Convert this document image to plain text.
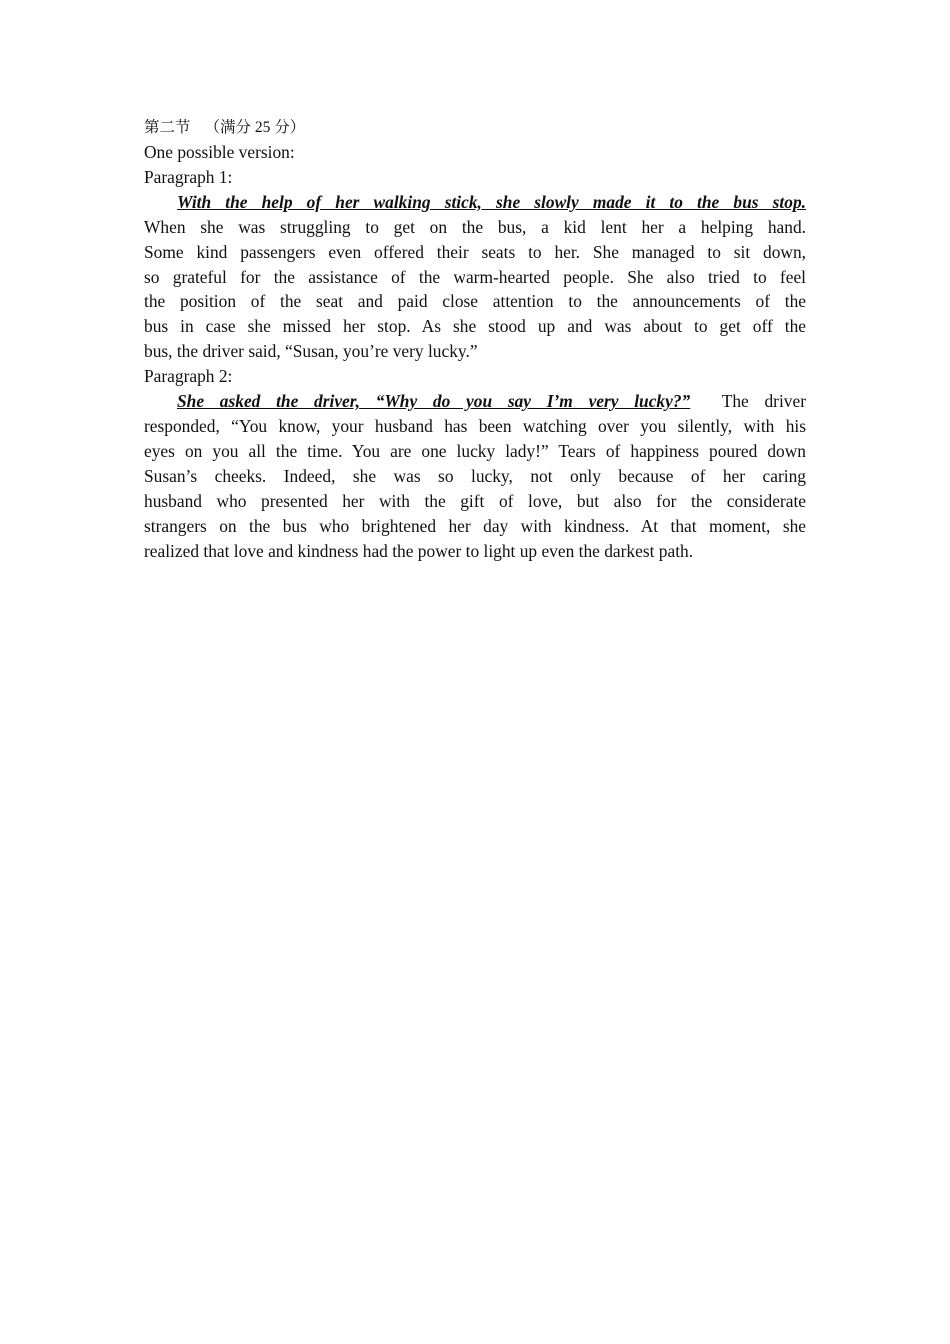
第二节 （满分 25 分）
One possible version:
Paragraph 1:
With the help of her walking stick, she slowly made it to the bus stop.
When she was struggling to get on the bus, a kid lent her a helping hand.
Some kind passengers even offered their seats to her. She managed to sit down,
so grateful for the assistance of the warm-hearted people. She also tried to feel
the position of the seat and paid close attention to the announcements of the
bus in case she missed her stop. As she stood up and was about to get off the
bus, the driver said, “Susan, you’re very lucky.”
Paragraph 2:
She asked the driver, “Why do you say I’m very lucky?” The driver
responded, “You know, your husband has been watching over you silently, with his
eyes on you all the time. You are one lucky lady!” Tears of happiness poured down
Susan’s cheeks. Indeed, she was so lucky, not only because of her caring
husband who presented her with the gift of love, but also for the considerate
strangers on the bus who brightened her day with kindness. At that moment, she
realized that love and kindness had the power to light up even the darkest path.
